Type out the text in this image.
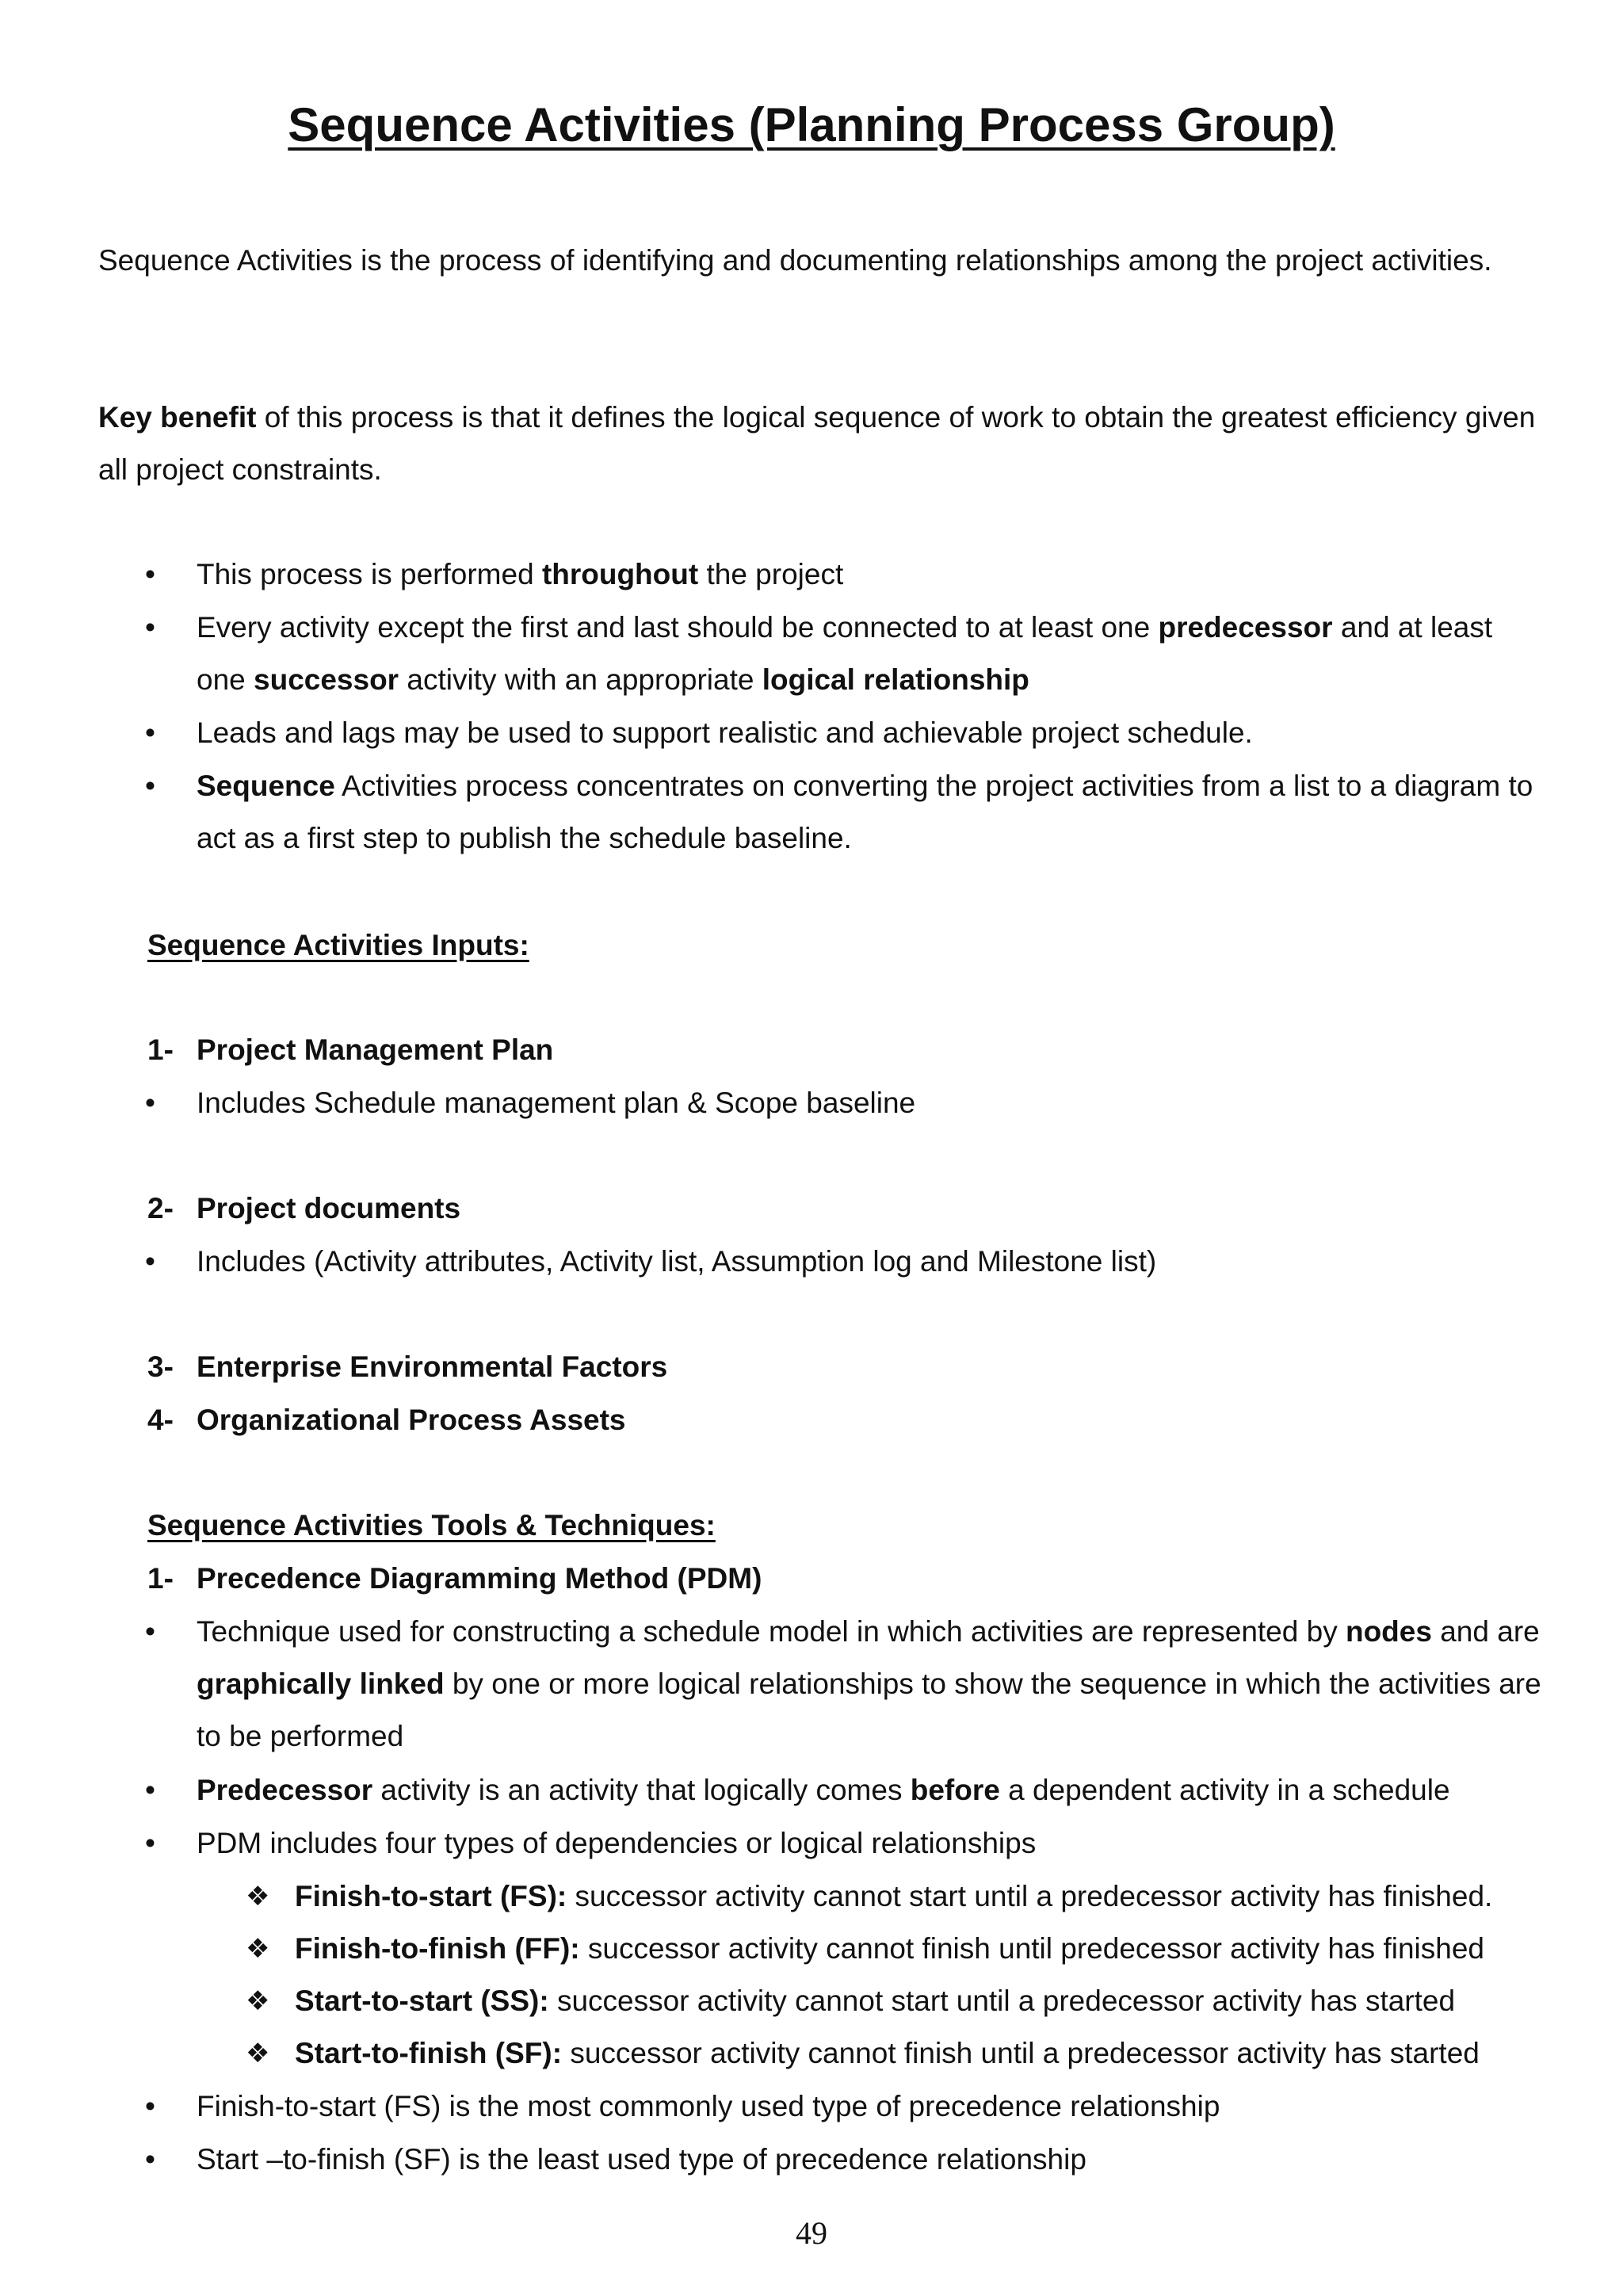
Sequence Activities (Planning Process Group)

Sequence Activities is the process of identifying and documenting relationships among the project activities.

Key benefit of this process is that it defines the logical sequence of work to obtain the greatest efficiency given all project constraints.

• This process is performed throughout the project
• Every activity except the first and last should be connected to at least one predecessor and at least one successor activity with an appropriate logical relationship
• Leads and lags may be used to support realistic and achievable project schedule.
• Sequence Activities process concentrates on converting the project activities from a list to a diagram to act as a first step to publish the schedule baseline.
Sequence Activities Inputs:
1- Project Management Plan
• Includes Schedule management plan & Scope baseline
2- Project documents
• Includes (Activity attributes, Activity list, Assumption log and Milestone list)
3- Enterprise Environmental Factors
4- Organizational Process Assets
Sequence Activities Tools & Techniques:
1- Precedence Diagramming Method (PDM)
• Technique used for constructing a schedule model in which activities are represented by nodes and are graphically linked by one or more logical relationships to show the sequence in which the activities are to be performed
• Predecessor activity is an activity that logically comes before a dependent activity in a schedule
• PDM includes four types of dependencies or logical relationships
❖ Finish-to-start (FS): successor activity cannot start until a predecessor activity has finished.
❖ Finish-to-finish (FF): successor activity cannot finish until predecessor activity has finished
❖ Start-to-start (SS): successor activity cannot start until a predecessor activity has started
❖ Start-to-finish (SF): successor activity cannot finish until a predecessor activity has started
• Finish-to-start (FS) is the most commonly used type of precedence relationship
• Start –to-finish (SF) is the least used type of precedence relationship
49
